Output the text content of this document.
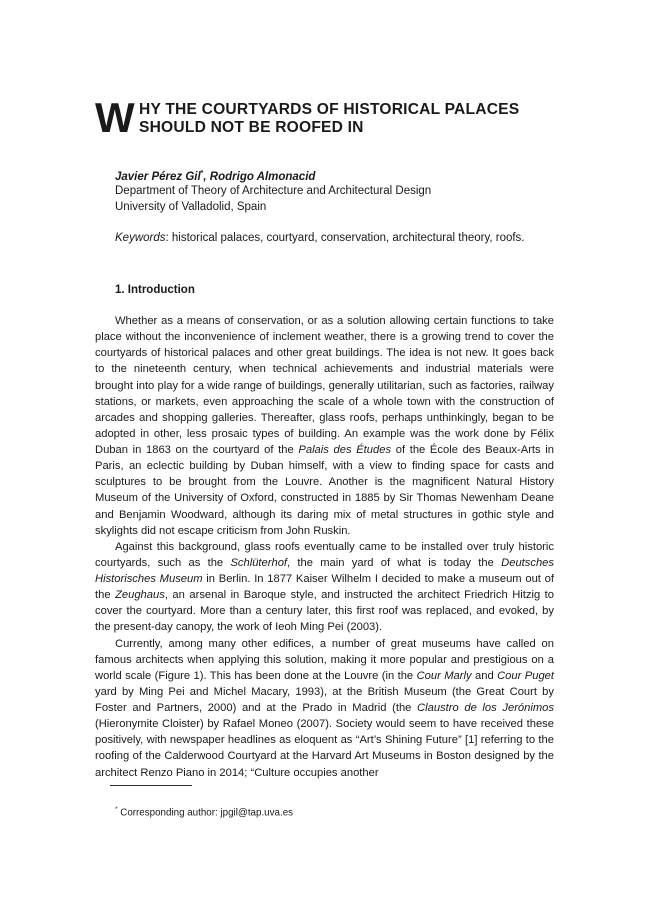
W HY THE COURTYARDS OF HISTORICAL PALACES
SHOULD NOT BE ROOFED IN
Javier Pérez Gil*, Rodrigo Almonacid
Department of Theory of Architecture and Architectural Design
University of Valladolid, Spain
Keywords: historical palaces, courtyard, conservation, architectural theory, roofs.
1. Introduction

Whether as a means of conservation, or as a solution allowing certain functions to take place without the inconvenience of inclement weather, there is a growing trend to cover the courtyards of historical palaces and other great buildings. The idea is not new. It goes back to the nineteenth century, when technical achievements and industrial materials were brought into play for a wide range of buildings, generally utilitarian, such as factories, railway stations, or markets, even approaching the scale of a whole town with the construction of arcades and shopping galleries. Thereafter, glass roofs, perhaps unthinkingly, began to be adopted in other, less prosaic types of building. An example was the work done by Félix Duban in 1863 on the courtyard of the Palais des Études of the École des Beaux-Arts in Paris, an eclectic building by Duban himself, with a view to finding space for casts and sculptures to be brought from the Louvre. Another is the magnificent Natural History Museum of the University of Oxford, constructed in 1885 by Sir Thomas Newenham Deane and Benjamin Woodward, although its daring mix of metal structures in gothic style and skylights did not escape criticism from John Ruskin.

Against this background, glass roofs eventually came to be installed over truly historic courtyards, such as the Schlüterhof, the main yard of what is today the Deutsches Historisches Museum in Berlin. In 1877 Kaiser Wilhelm I decided to make a museum out of the Zeughaus, an arsenal in Baroque style, and instructed the architect Friedrich Hitzig to cover the courtyard. More than a century later, this first roof was replaced, and evoked, by the present-day canopy, the work of Ieoh Ming Pei (2003).

Currently, among many other edifices, a number of great museums have called on famous architects when applying this solution, making it more popular and prestigious on a world scale (Figure 1). This has been done at the Louvre (in the Cour Marly and Cour Puget yard by Ming Pei and Michel Macary, 1993), at the British Museum (the Great Court by Foster and Partners, 2000) and at the Prado in Madrid (the Claustro de los Jerónimos (Hieronymite Cloister) by Rafael Moneo (2007). Society would seem to have received these positively, with newspaper headlines as eloquent as “Art’s Shining Future” [1] referring to the roofing of the Calderwood Courtyard at the Harvard Art Museums in Boston designed by the architect Renzo Piano in 2014; “Culture occupies another

* Corresponding author: jpgil@tap.uva.es
